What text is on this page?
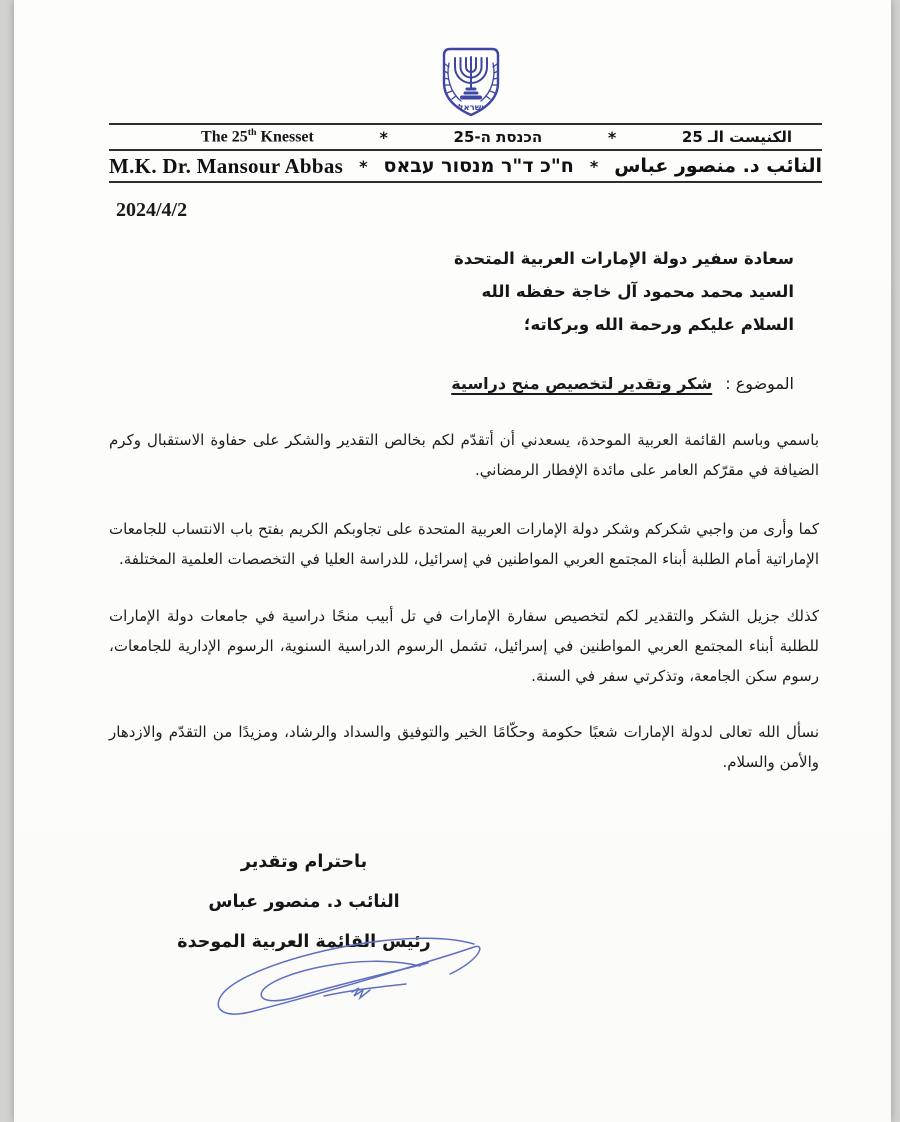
ישראל
الكنيست الـ 25
*
הכנסת ה-25
*
The 25th Knesset
النائب د. منصور عباس
*
ח"כ ד"ר מנסור עבאס
*
M.K. Dr. Mansour Abbas
2024/4/2
سعادة سفير دولة الإمارات العربية المتحدة
السيد محمد محمود آل خاجة حفظه الله
السلام عليكم ورحمة الله وبركاته؛
الموضوع : شكر وتقدير لتخصيص منح دراسية
باسمي وباسم القائمة العربية الموحدة، يسعدني أن أتقدّم لكم بخالص التقدير والشكر على حفاوة الاستقبال وكرم الضيافة في مقرّكم العامر على مائدة الإفطار الرمضاني.
كما وأرى من واجبي شكركم وشكر دولة الإمارات العربية المتحدة على تجاوبكم الكريم بفتح باب الانتساب للجامعات الإماراتية أمام الطلبة أبناء المجتمع العربي المواطنين في إسرائيل، للدراسة العليا في التخصصات العلمية المختلفة.
كذلك جزيل الشكر والتقدير لكم لتخصيص سفارة الإمارات في تل أبيب منحًا دراسية في جامعات دولة الإمارات للطلبة أبناء المجتمع العربي المواطنين في إسرائيل، تشمل الرسوم الدراسية السنوية، الرسوم الإدارية للجامعات، رسوم سكن الجامعة، وتذكرتي سفر في السنة.
نسأل الله تعالى لدولة الإمارات شعبًا حكومة وحكّامًا الخير والتوفيق والسداد والرشاد، ومزيدًا من التقدّم والازدهار والأمن والسلام.
باحترام وتقدير
النائب د. منصور عباس
رئيس القائمة العربية الموحدة
